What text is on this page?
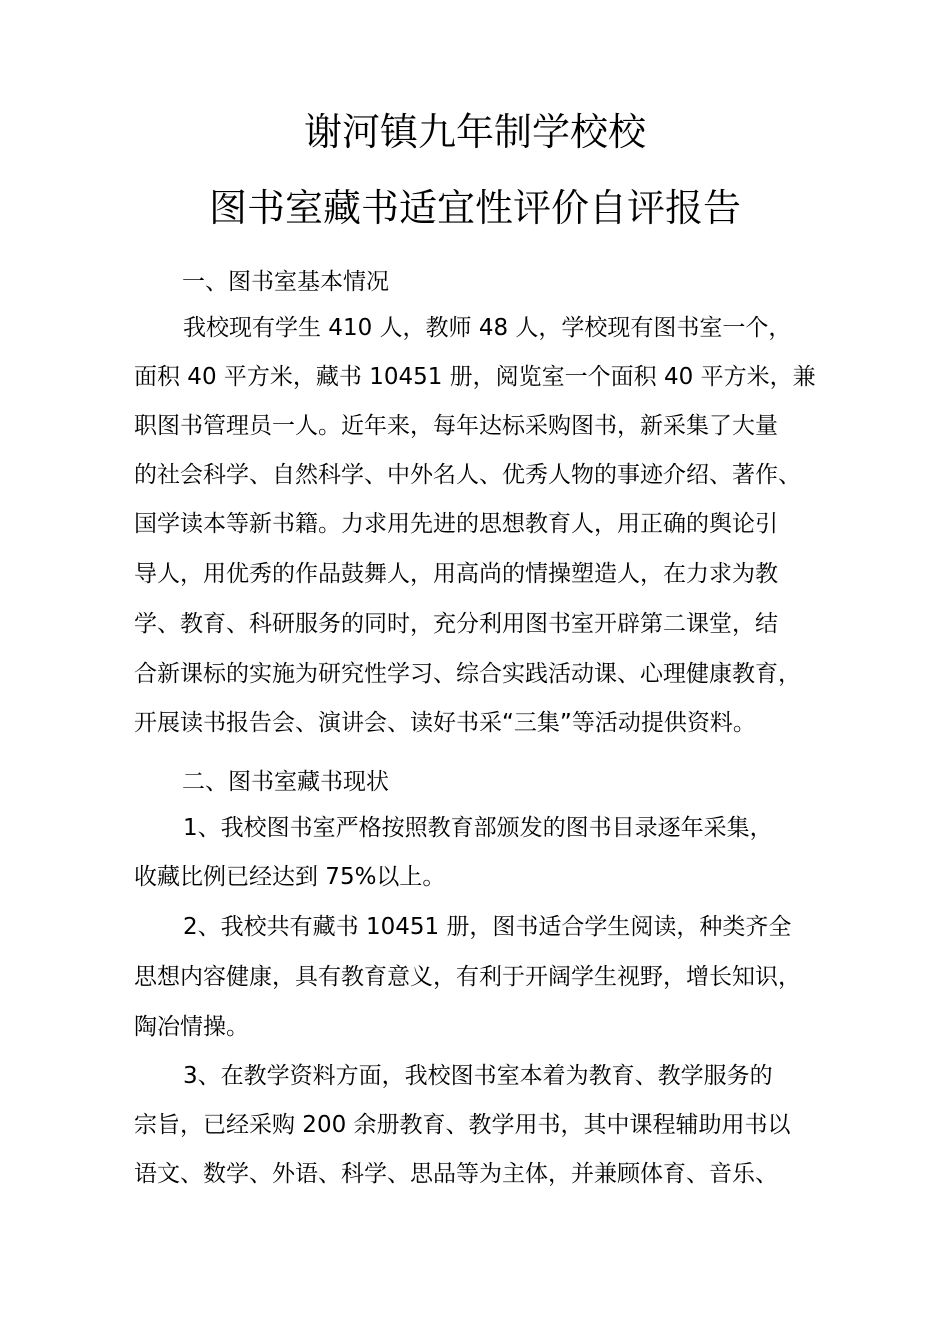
谢河镇九年制学校校
图书室藏书适宜性评价自评报告

一、图书室基本情况

我校现有学生 410 人，教师 48 人，学校现有图书室一个，

面积 40 平方米，藏书 10451 册，阅览室一个面积 40 平方米，兼

职图书管理员一人。近年来，每年达标采购图书，新采集了大量

的社会科学、自然科学、中外名人、优秀人物的事迹介绍、著作、

国学读本等新书籍。力求用先进的思想教育人，用正确的舆论引

导人，用优秀的作品鼓舞人，用高尚的情操塑造人，在力求为教

学、教育、科研服务的同时，充分利用图书室开辟第二课堂，结

合新课标的实施为研究性学习、综合实践活动课、心理健康教育，

开展读书报告会、演讲会、读好书采“三集”等活动提供资料。

二、图书室藏书现状

1、我校图书室严格按照教育部颁发的图书目录逐年采集，

收藏比例已经达到 75%以上。

2、我校共有藏书 10451 册，图书适合学生阅读，种类齐全

思想内容健康，具有教育意义，有利于开阔学生视野，增长知识，

陶冶情操。

3、在教学资料方面，我校图书室本着为教育、教学服务的

宗旨，已经采购 200 余册教育、教学用书，其中课程辅助用书以

语文、数学、外语、科学、思品等为主体，并兼顾体育、音乐、
